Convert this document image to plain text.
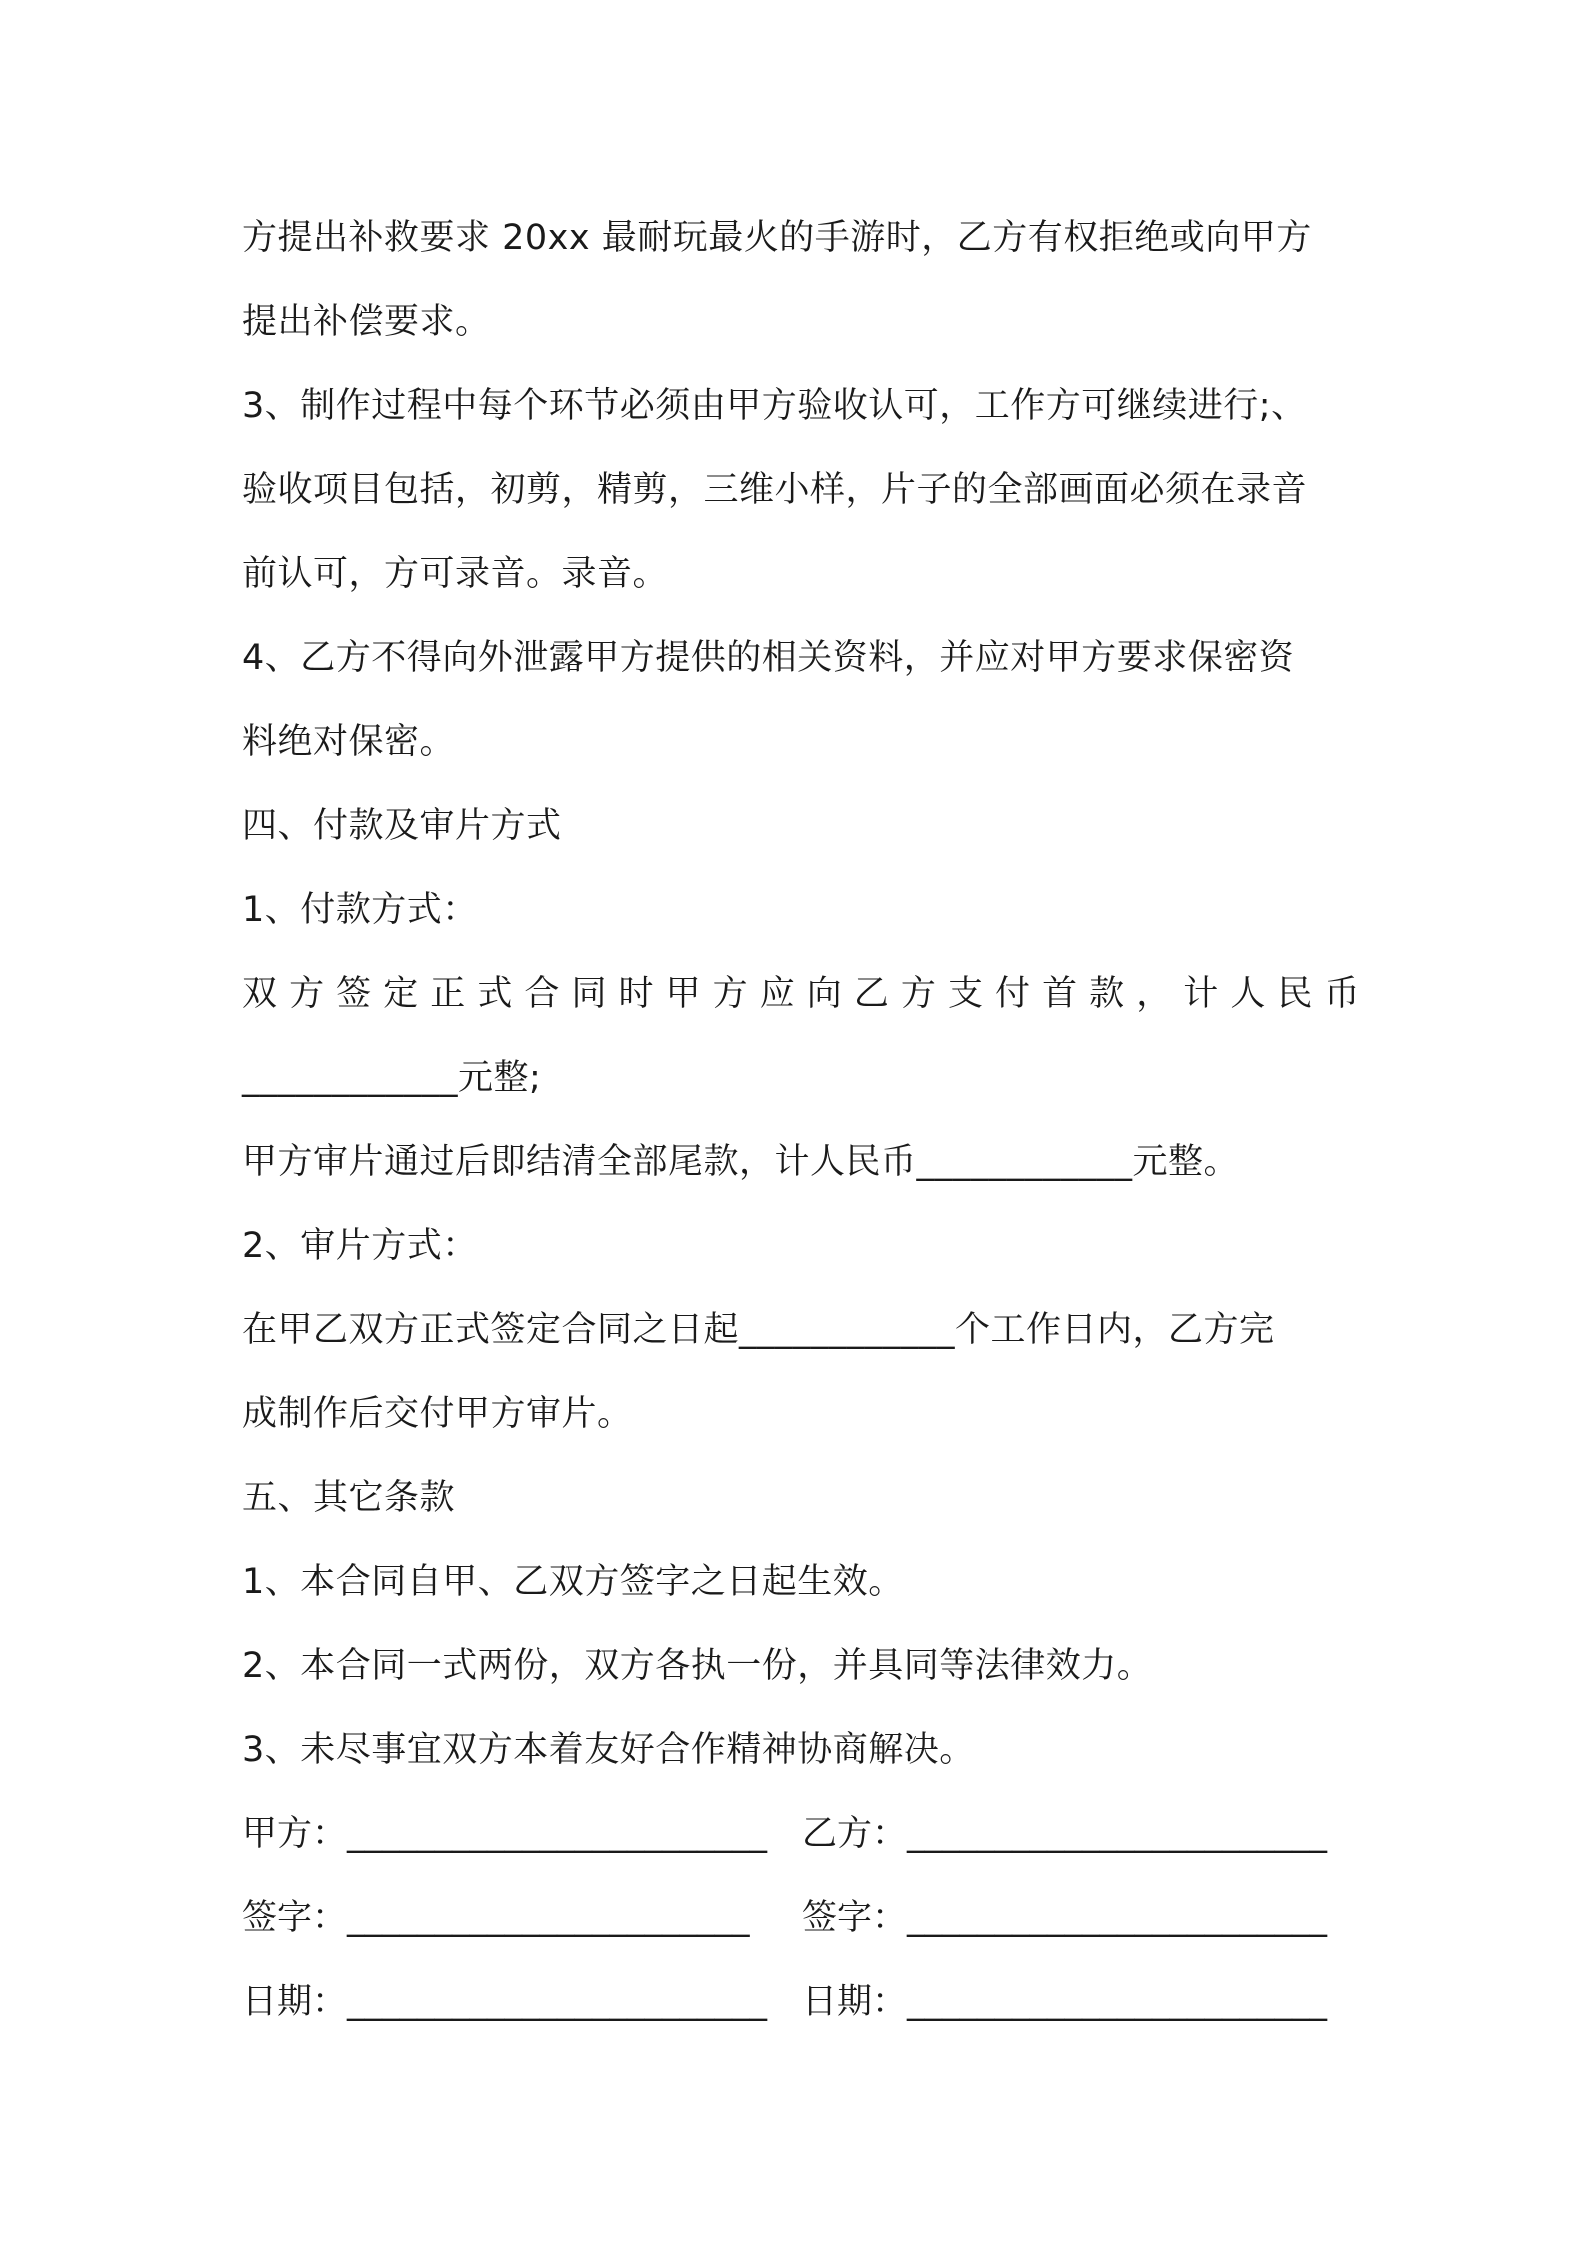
方提出补救要求 20xx 最耐玩最火的手游时，乙方有权拒绝或向甲方
提出补偿要求。
3、制作过程中每个环节必须由甲方验收认可，工作方可继续进行;、
验收项目包括，初剪，精剪，三维小样，片子的全部画面必须在录音
前认可，方可录音。录音。
4、乙方不得向外泄露甲方提供的相关资料，并应对甲方要求保密资
料绝对保密。
四、付款及审片方式
1、付款方式：
双方签定正式合同时甲方应向乙方支付首款，计人民币
____________元整;
甲方审片通过后即结清全部尾款，计人民币____________元整。
2、审片方式：
在甲乙双方正式签定合同之日起____________个工作日内，乙方完
成制作后交付甲方审片。
五、其它条款
1、本合同自甲、乙双方签字之日起生效。
2、本合同一式两份，双方各执一份，并具同等法律效力。
3、未尽事宜双方本着友好合作精神协商解决。
甲方：________________________ 乙方：________________________
签字：_______________________	签字：________________________
日期：________________________ 日期：________________________
